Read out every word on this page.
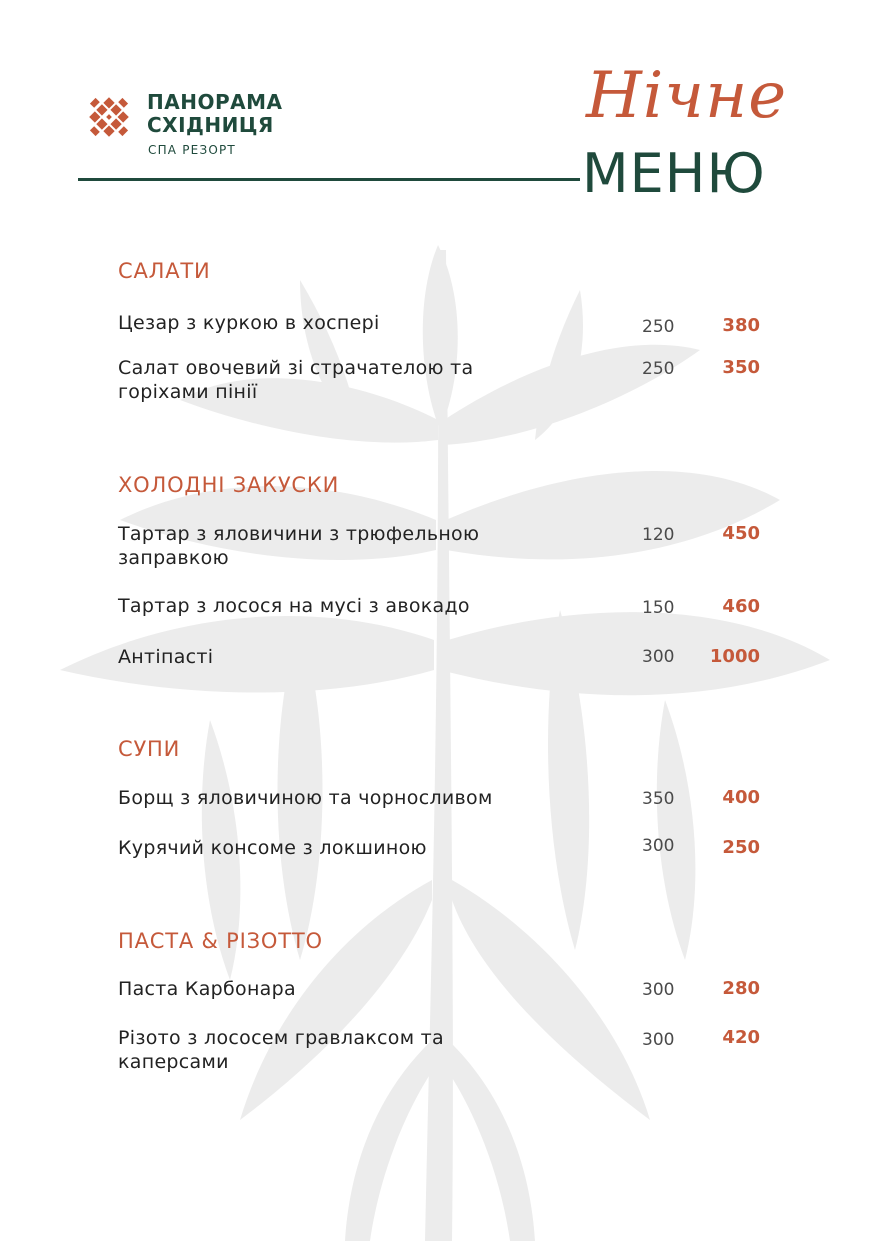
ПАНОРАМА
СХІДНИЦЯ
СПА РЕЗОРТ
Нічне
МЕНЮ
САЛАТИ
Цезар з куркою в хоспері	250	380
Салат овочевий зі страчателою та горіхами пінії
250	350
ХОЛОДНІ ЗАКУСКИ
Тартар з яловичини з трюфельною заправкою
120	450
Тартар з лосося на мусі з авокадо	150	460
Антіпасті	300 1000
СУПИ
Борщ з яловичиною та чорносливом	350	400
Курячий консоме з локшиною	300	250
ПАСТА & РІЗОТТО
Паста Карбонара	300	280
Різото з лососем гравлаксом та каперсами
300	420
